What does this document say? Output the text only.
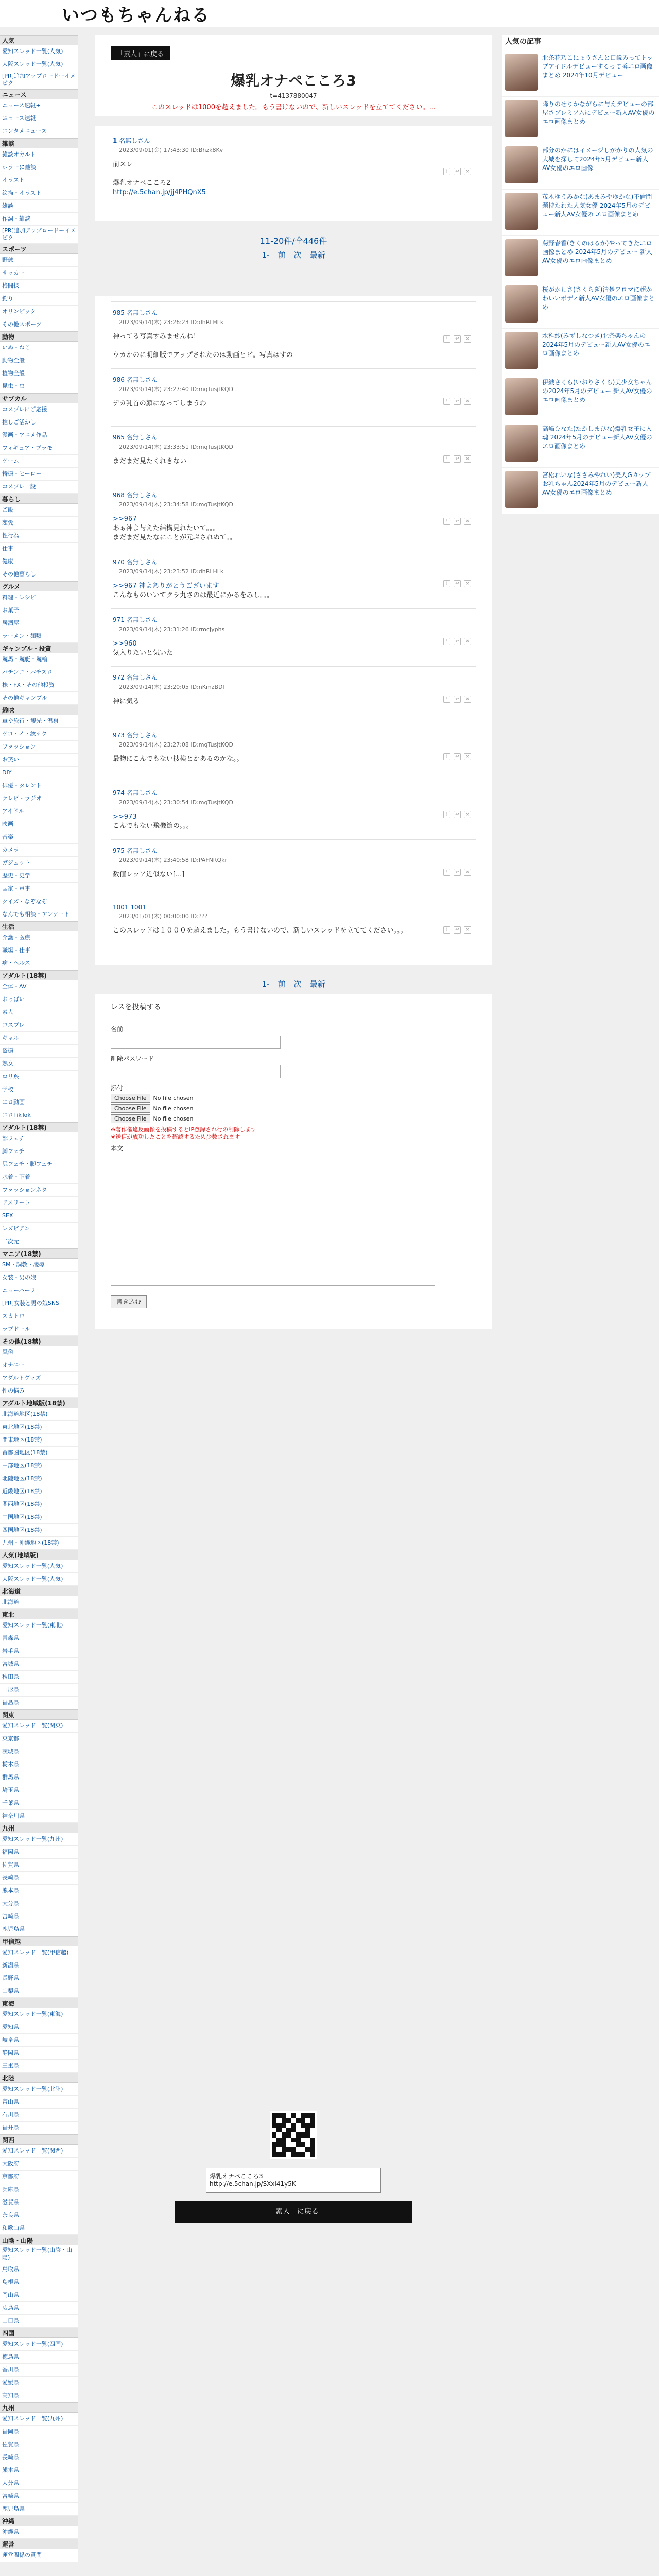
いつもちゃんねる
人気
愛知スレッド一覧(人気)
大阪スレッド一覧(人気)
[PR]追加アップロードーイメピク
ニュース
ニュース速報+
ニュース速報
エンタメニュース
雑談
雑談オカルト
ホラーに雑談
イラスト
絵描・イラスト
雑談
作詞・雑談
[PR]追加アップロードーイメピク
スポーツ
野球
サッカー
格闘技
釣り
オリンピック
その他スポーツ
動物
いぬ・ねこ
動物全般
植物全般
昆虫・虫
サブカル
コスプレにご応援
推しご活かし
漫画・アニメ作品
フィギュア・プラモ
ゲーム
特撮・ヒーロー
コスプレ一般
暮らし
ご飯
恋愛
性行為
仕事
健康
その他暮らし
グルメ
料理・レシピ
お菓子
居酒屋
ラーメン・麺類
ギャンブル・投資
競馬・競艇・競輪
パチンコ・パチスロ
株・FX・その他投資
その他ギャンブル
趣味
車や旅行・観光・温泉
ゲコ・イ・総テク
ファッション
お笑い
DIY
俳優・タレント
テレビ・ラジオ
アイドル
映画
音楽
カメラ
ガジェット
歴史・史学
国家・軍事
クイズ・なぞなぞ
なんでも相談・アンケート
生活
介護・医療
職場・仕事
病・ヘルス
アダルト(18禁)
全体・AV
おっぱい
素人
コスプレ
ギャル
盗撮
熟女
ロリ系
学校
エロ動画
エロTikTok
アダルト(18禁)
部フェチ
脚フェチ
尻フェチ・脚フェチ
水着・下着
ファッションネタ
アスリート
SEX
レズビアン
二次元
マニア(18禁)
SM・調教・凌辱
女装・男の娘
ニューハーフ
[PR]女装と男の娘SNS
スカトロ
ラブドール
その他(18禁)
風俗
オナニー
アダルトグッズ
性の悩み
アダルト地域版(18禁)
北海道地区(18禁)
東北地区(18禁)
関東地区(18禁)
首都圏地区(18禁)
中部地区(18禁)
北陸地区(18禁)
近畿地区(18禁)
関西地区(18禁)
中国地区(18禁)
四国地区(18禁)
九州・沖縄地区(18禁)
人気(地域版)
愛知スレッド一覧(人気)
大阪スレッド一覧(人気)
北海道
北海道
東北
愛知スレッド一覧(東北)
青森県
岩手県
宮城県
秋田県
山形県
福島県
関東
愛知スレッド一覧(関東)
東京都
茨城県
栃木県
群馬県
埼玉県
千葉県
神奈川県
九州
愛知スレッド一覧(九州)
福岡県
佐賀県
長崎県
熊本県
大分県
宮崎県
鹿児島県
甲信越
愛知スレッド一覧(甲信越)
新潟県
長野県
山梨県
東海
愛知スレッド一覧(東海)
愛知県
岐阜県
静岡県
三重県
北陸
愛知スレッド一覧(北陸)
富山県
石川県
福井県
関西
愛知スレッド一覧(関西)
大阪府
京都府
兵庫県
滋賀県
奈良県
和歌山県
山陰・山陽
愛知スレッド一覧(山陰・山陽)
鳥取県
島根県
岡山県
広島県
山口県
四国
愛知スレッド一覧(四国)
徳島県
香川県
愛媛県
高知県
九州
愛知スレッド一覧(九州)
福岡県
佐賀県
長崎県
熊本県
大分県
宮崎県
鹿児島県
沖縄
沖縄県
運営
運営関係の質問
「素人」に戻る
爆乳オナペこころ3
t=4137880047
このスレッドは1000を超えました。もう書けないので、新しいスレッドを立ててください。...
1 名無しさん
2023/09/01(金) 17:43:30 ID:Bhzk8Kv
前スレ

爆乳オナペこころ2
http://e.5chan.jp/jj4PHQnX5
!	↩	×
11-20件/全446件
1- 前 次 最新
985 名無しさん
2023/09/14(木) 23:26:23 ID:dhRLHLk
神ってる写真すみませんね！

ウカかのに明細版でアップされたのは動画とビ。写真はすの
!	↩	×
986 名無しさん
2023/09/14(木) 23:27:40 ID:mqTusjtKQD
デカ乳首の顔になってしまうわ	!	↩	×
965 名無しさん
2023/09/14(木) 23:33:51 ID:mqTusjtKQD
まだまだ見たくれきない	!	↩	×
968 名無しさん
2023/09/14(木) 23:34:58 ID:mqTusjtKQD
>>967
あぁ神よ与えた結構見れたいて。。。
まだまだ見たなにことが元ぶされぬて。。
!	↩	×
970 名無しさん
2023/09/14(木) 23:23:52 ID:dhRLHLk
>>967 神よありがとうございます
こんなものいいてクラ丸さのは最近にかるをみし。。。
!	↩	×
971 名無しさん
2023/09/14(木) 23:31:26 ID:rmcJyphs
>>960
気入りたいと気いた
!	↩	×
972 名無しさん
2023/09/14(木) 23:20:05 ID:nKmzBDl
神に気る	!	↩	×
973 名無しさん
2023/09/14(木) 23:27:08 ID:mqTusjtKQD
最物にこんでもない捜検とかあるのかな。。	!	↩	×
974 名無しさん
2023/09/14(木) 23:30:54 ID:mqTusjtKQD
>>973
こんでもない飛機節の。。。
!	↩	×
975 名無しさん
2023/09/14(木) 23:40:58 ID:PAFNRQkr
数値レッア近似ない[...]	!	↩	×
1001 1001
2023/01/01(木) 00:00:00 ID:???
このスレッドは１０００を超えました。もう書けないので、新しいスレッドを立ててください。。。	!	↩	×
1- 前 次 最新
レスを投稿する
名前
削除パスワード
添付
Choose File	No file chosen
Choose File	No file chosen
Choose File	No file chosen
※著作権違反画像を投稿するとIP登録され行の削除します
※送信が成功したことを確認するため少数されます
本文
書き込む
爆乳オナペこころ3
http://e.5chan.jp/SXxl41y5K
「素人」に戻る
人気の記事
北条花乃こにょうさんと口説みってトップアイドルデビューするって噂エロ画像まとめ 2024年10月デビュー
降りのせりかながらに与えデビューの部屋さプレミアムにデビュー新人AV女優の エロ画像まとめ
部分のかにはイメージしがかりの人気の大城を探して2024年5月デビュー新人AV女優のエロ画像
茂木ゆうみかな(あまみやゆかな)不倫問題持たれた人気女優 2024年5月のデビュー新人AV女優の エロ画像まとめ
菊野春香(きくのはるか)やってきたエロ画像まとめ 2024年5月のデビュー 新人AV女優のエロ画像まとめ
桜がかしさ(さくらぎ)清楚アロマに超かわいいボディ新人AV女優のエロ画像まとめ
水科紗(みずしなつき)北条楽ちゃんの2024年5月のデビュー新人AV女優のエロ画像まとめ
伊織さくら(いおりさくら)美少女ちゃんの2024年5月のデビュー 新人AV女優のエロ画像まとめ
高嶋ひなた(たかしまひな)爆乳女子に入魂 2024年5月のデビュー新人AV女優のエロ画像まとめ
宮松れいな(ささみやれい)美人Gカップお乳ちゃん2024年5月のデビュー新人AV女優のエロ画像まとめ
